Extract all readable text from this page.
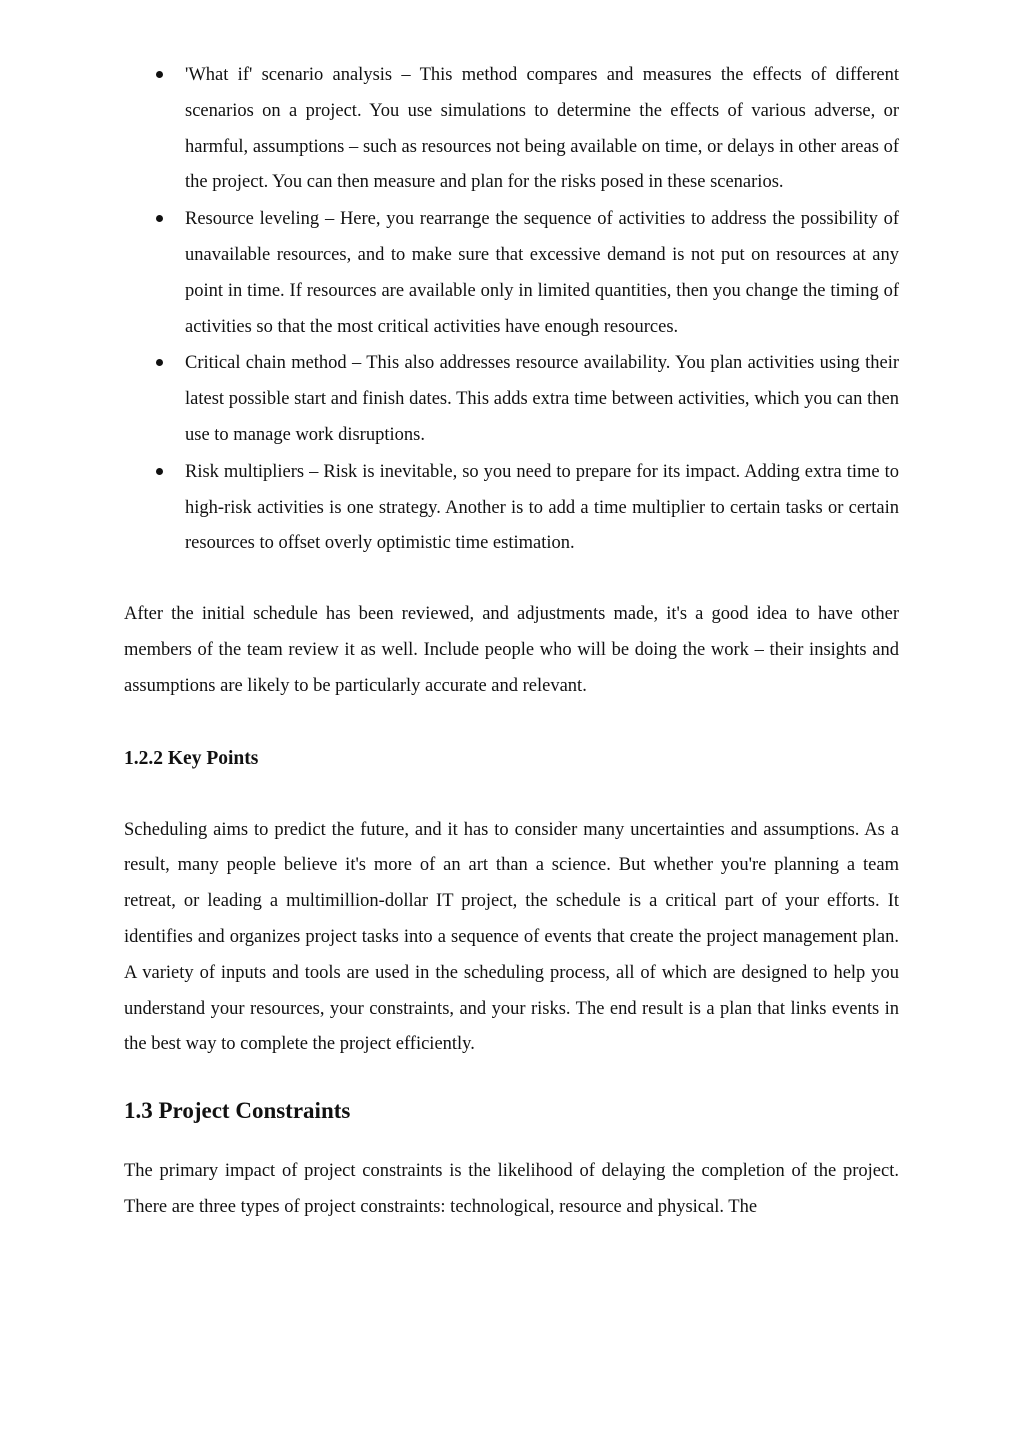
'What if' scenario analysis – This method compares and measures the effects of different scenarios on a project. You use simulations to determine the effects of various adverse, or harmful, assumptions – such as resources not being available on time, or delays in other areas of the project. You can then measure and plan for the risks posed in these scenarios.

Resource leveling – Here, you rearrange the sequence of activities to address the possibility of unavailable resources, and to make sure that excessive demand is not put on resources at any point in time. If resources are available only in limited quantities, then you change the timing of activities so that the most critical activities have enough resources.

Critical chain method – This also addresses resource availability. You plan activities using their latest possible start and finish dates. This adds extra time between activities, which you can then use to manage work disruptions.

Risk multipliers – Risk is inevitable, so you need to prepare for its impact. Adding extra time to high-risk activities is one strategy. Another is to add a time multiplier to certain tasks or certain resources to offset overly optimistic time estimation.

After the initial schedule has been reviewed, and adjustments made, it's a good idea to have other members of the team review it as well. Include people who will be doing the work – their insights and assumptions are likely to be particularly accurate and relevant.

1.2.2 Key Points

Scheduling aims to predict the future, and it has to consider many uncertainties and assumptions. As a result, many people believe it's more of an art than a science. But whether you're planning a team retreat, or leading a multimillion-dollar IT project, the schedule is a critical part of your efforts. It identifies and organizes project tasks into a sequence of events that create the project management plan. A variety of inputs and tools are used in the scheduling process, all of which are designed to help you understand your resources, your constraints, and your risks. The end result is a plan that links events in the best way to complete the project efficiently.

1.3 Project Constraints

The primary impact of project constraints is the likelihood of delaying the completion of the project. There are three types of project constraints: technological, resource and physical. The
